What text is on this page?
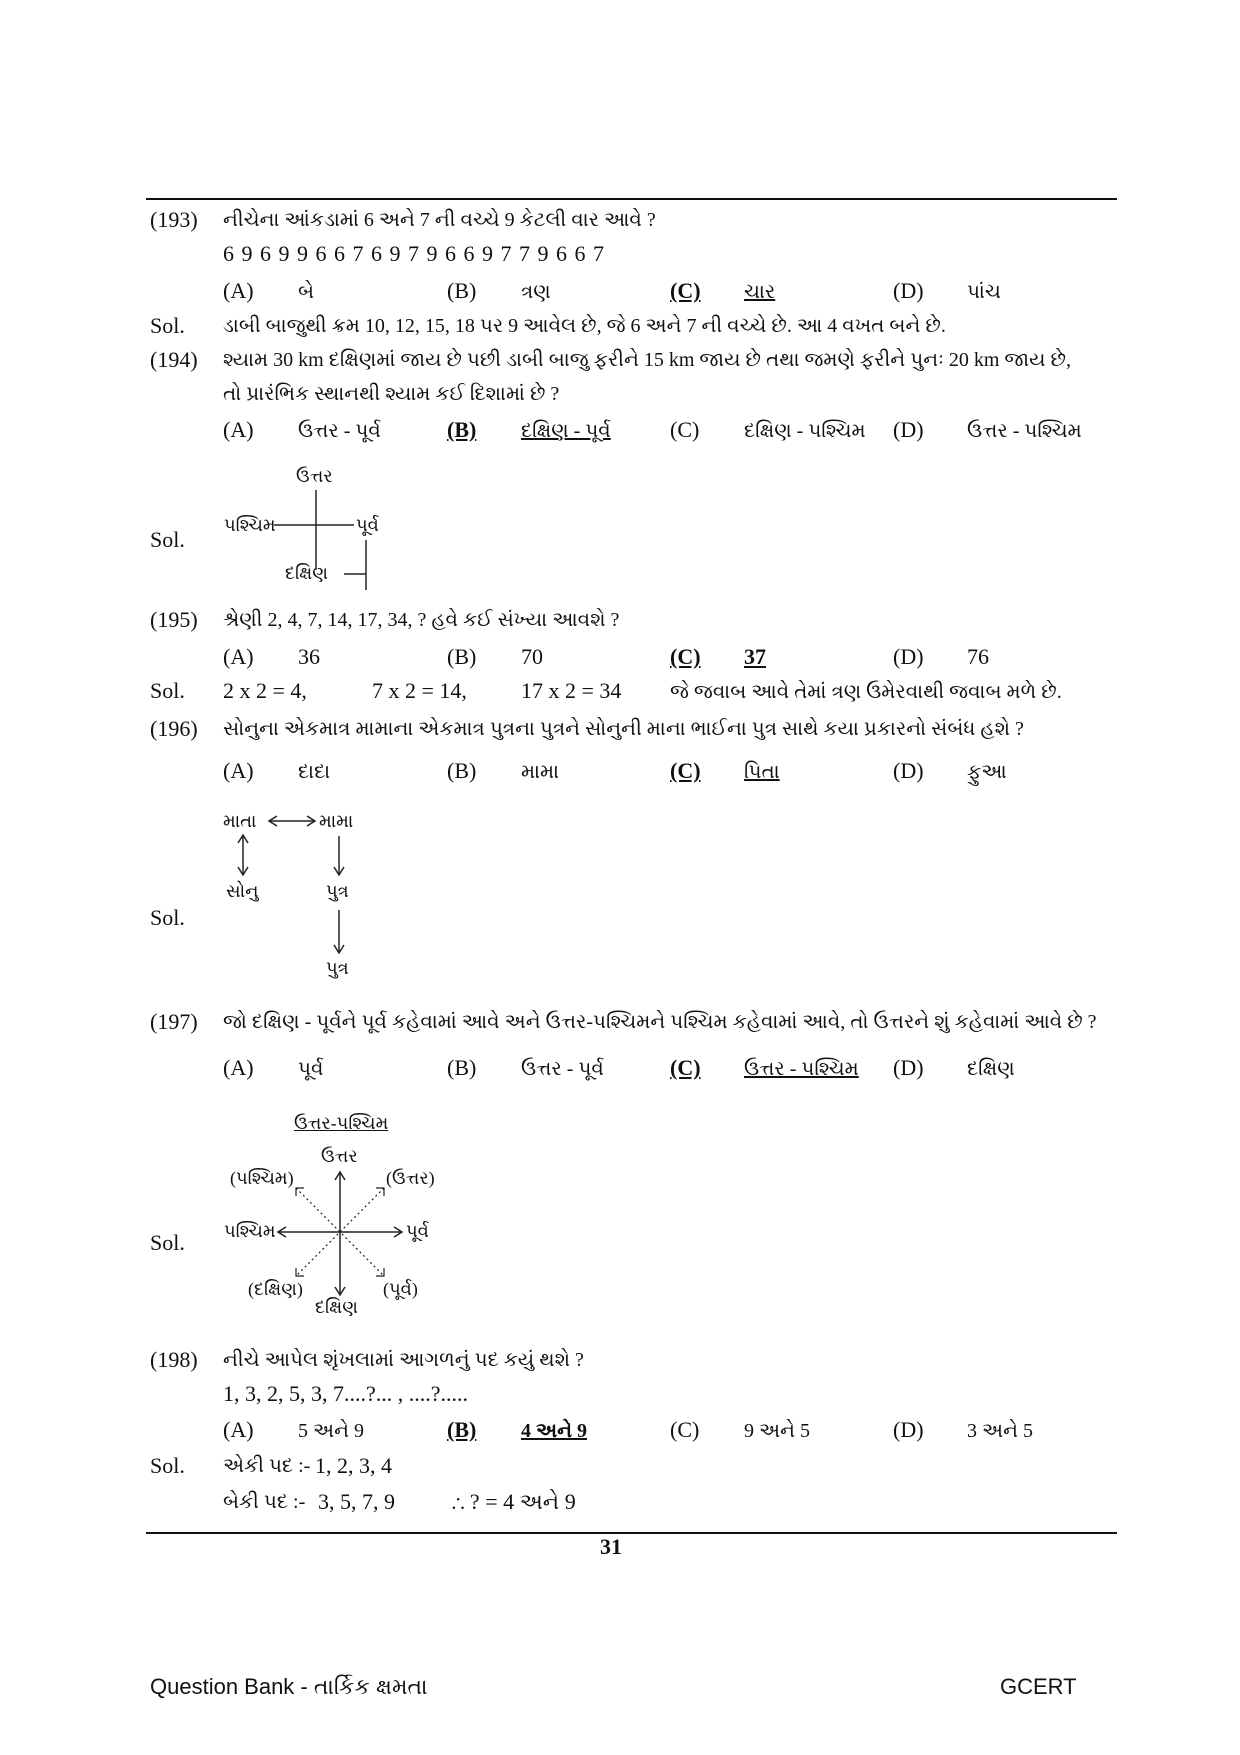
(193) નીચેના આંકડામાં 6 અને 7 ની વચ્ચે 9 કેટલી વાર આવે ?
6 9 6 9 9 6 6 7 6 9 7 9 6 6 9 7 7 9 6 6 7
(A) બે	(B) ત્રણ	(C) ચાર	(D) પાંચ
Sol. ડાબી બાજુથી ક્રમ 10, 12, 15, 18 પર 9 આવેલ છે, જે 6 અને 7 ની વચ્ચે છે. આ 4 વખત બને છે.
(194) શ્યામ 30 km દક્ષિણમાં જાય છે પછી ડાબી બાજુ ફરીને 15 km જાય છે તથા જમણે ફરીને પુનઃ 20 km જાય છે,
તો પ્રારંભિક સ્થાનથી શ્યામ કઈ દિશામાં છે ?
(A) ઉત્તર - પૂર્વ	(B) દક્ષિણ - પૂર્વ	(C) દક્ષિણ - પશ્ચિમ (D) ઉત્તર - પશ્ચિમ
Sol.
ઉત્તર
પશ્ચિમ	પૂર્વ
દક્ષિણ
(195) શ્રેણી 2, 4, 7, 14, 17, 34, ? હવે કઈ સંખ્યા આવશે ?
(A) 36	(B) 70	(C) 37	(D) 76
Sol. 2 x 2 = 4,	7 x 2 = 14, 17 x 2 = 34 જે જવાબ આવે તેમાં ત્રણ ઉમેરવાથી જવાબ મળે છે.
(196) સોનુના એકમાત્ર મામાના એકમાત્ર પુત્રના પુત્રને સોનુની માના ભાઈના પુત્ર સાથે કયા પ્રકારનો સંબંધ હશે ?
(A) દાદા	(B) મામા	(C) પિતા	(D) ફુઆ
Sol.
માતા	મામા
સોનુ	પુત્ર
પુત્ર
(197) જો દક્ષિણ - પૂર્વને પૂર્વ કહેવામાં આવે અને ઉત્તર-પશ્ચિમને પશ્ચિમ કહેવામાં આવે, તો ઉત્તરને શું કહેવામાં આવે છે ?
(A) પૂર્વ	(B) ઉત્તર - પૂર્વ	(C) ઉત્તર - પશ્ચિમ (D) દક્ષિણ
Sol.
ઉત્તર-પશ્ચિમ
ઉત્તર
(પશ્ચિમ)	(ઉત્તર)
પશ્ચિમ	પૂર્વ
(દક્ષિણ)	(પૂર્વ)
દક્ષિણ
(198) નીચે આપેલ શૃંખલામાં આગળનું પદ કયું થશે ?
1, 3, 2, 5, 3, 7....?... , ....?.....
(A) 5 અને 9	(B) 4 અને 9	(C) 9 અને 5	(D) 3 અને 5
Sol. એકી પદ :- 1, 2, 3, 4
બેકી પદ :- 3, 5, 7, 9	∴ ? = 4 અને 9
31
Question Bank - તાર્કિક ક્ષમતા	GCERT
